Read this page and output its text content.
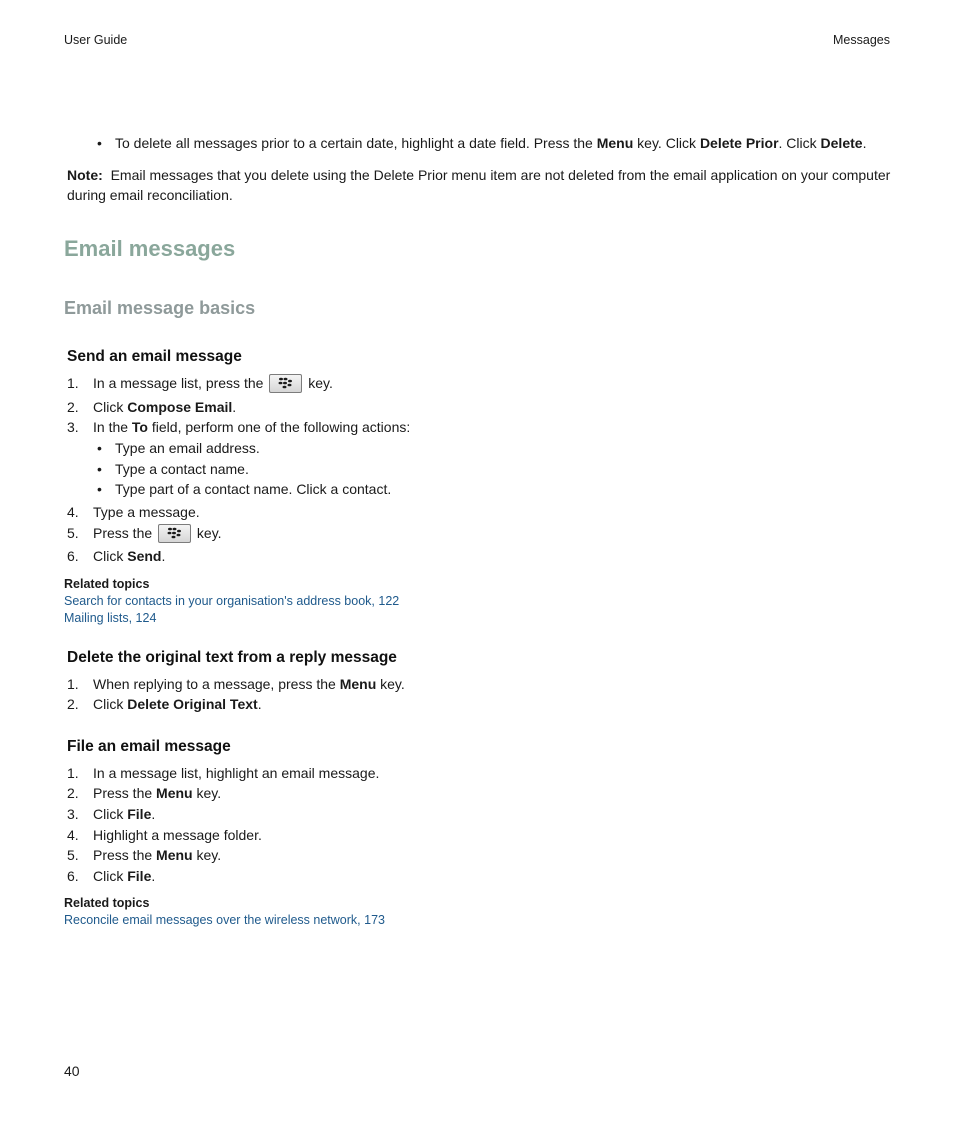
User Guide	Messages
• To delete all messages prior to a certain date, highlight a date field. Press the Menu key. Click Delete Prior. Click Delete.
Note: Email messages that you delete using the Delete Prior menu item are not deleted from the email application on your computer
during email reconciliation.
Email messages
Email message basics
Send an email message
1. In a message list, press the	key.
2. Click Compose Email.
3. In the To field, perform one of the following actions:
• Type an email address.
• Type a contact name.
• Type part of a contact name. Click a contact.
4. Type a message.
5. Press the	key.
6. Click Send.
Related topics
Search for contacts in your organisation's address book, 122
Mailing lists, 124
Delete the original text from a reply message
1. When replying to a message, press the Menu key.
2. Click Delete Original Text.
File an email message
1. In a message list, highlight an email message.
2. Press the Menu key.
3. Click File.
4. Highlight a message folder.
5. Press the Menu key.
6. Click File.
Related topics
Reconcile email messages over the wireless network, 173
40
